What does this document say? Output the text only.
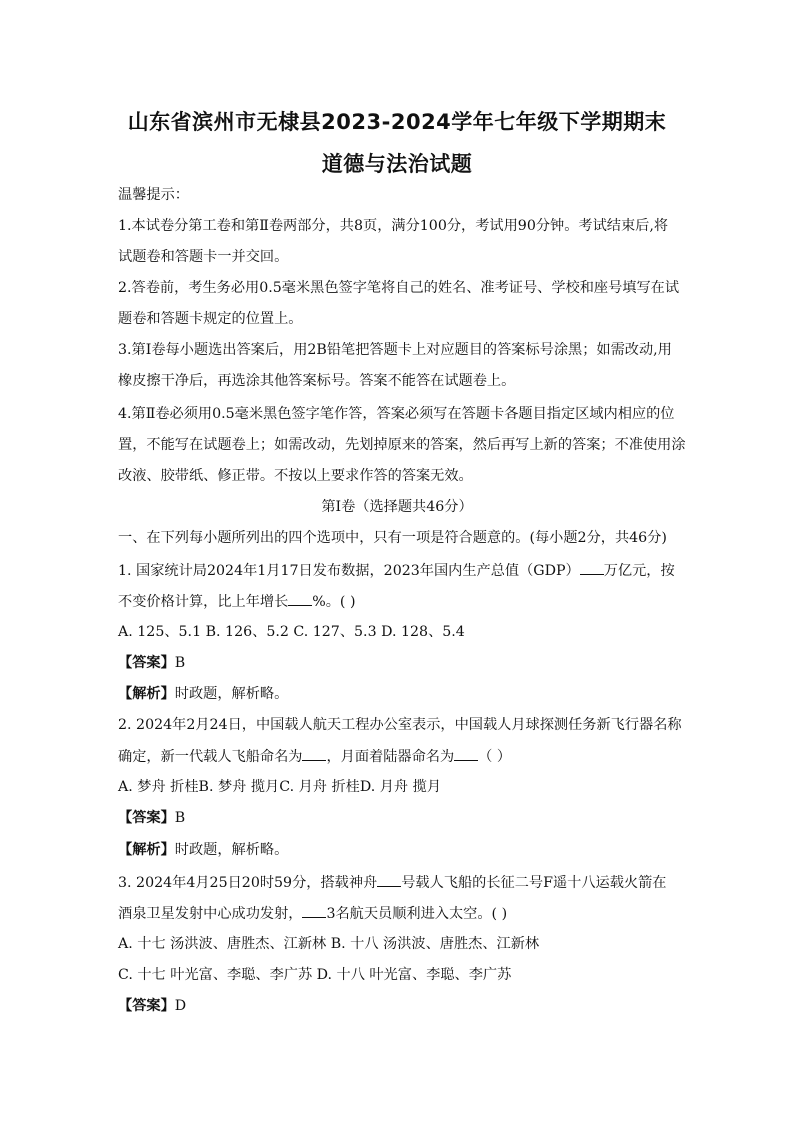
山东省滨州市无棣县2023-2024学年七年级下学期期末
道德与法治试题
温馨提示：
1.本试卷分第工卷和第Ⅱ卷两部分，共8页，满分100分，考试用90分钟。考试结束后,将
试题卷和答题卡一并交回。
2.答卷前，考生务必用0.5毫米黑色签字笔将自己的姓名、准考证号、学校和座号填写在试
题卷和答题卡规定的位置上。
3.第Ⅰ卷每小题选出答案后，用2B铅笔把答题卡上对应题目的答案标号涂黑；如需改动,用
橡皮擦干净后，再选涂其他答案标号。答案不能答在试题卷上。
4.第Ⅱ卷必须用0.5毫米黑色签字笔作答，答案必须写在答题卡各题目指定区域内相应的位
置，不能写在试题卷上；如需改动，先划掉原来的答案，然后再写上新的答案；不准使用涂
改液、胶带纸、修正带。不按以上要求作答的答案无效。
第Ⅰ卷（选择题共46分）
一、在下列每小题所列出的四个选项中，只有一项是符合题意的。(每小题2分，共46分)
1. 国家统计局2024年1月17日发布数据，2023年国内生产总值（GDP） 万亿元，按
不变价格计算，比上年增长 %。( )
A. 125、5.1 B. 126、5.2 C. 127、5.3 D. 128、5.4
【答案】B
【解析】时政题，解析略。
2. 2024年2月24日，中国载人航天工程办公室表示，中国载人月球探测任务新飞行器名称
确定，新一代载人飞船命名为 ，月面着陆器命名为 （ ）
A. 梦舟 折桂B. 梦舟 揽月C. 月舟 折桂D. 月舟 揽月
【答案】B
【解析】时政题，解析略。
3. 2024年4月25日20时59分，搭载神舟 号载人飞船的长征二号F遥十八运载火箭在
酒泉卫星发射中心成功发射， 3名航天员顺利进入太空。( )
A. 十七 汤洪波、唐胜杰、江新林 B. 十八 汤洪波、唐胜杰、江新林
C. 十七 叶光富、李聪、李广苏 D. 十八 叶光富、李聪、李广苏
【答案】D
